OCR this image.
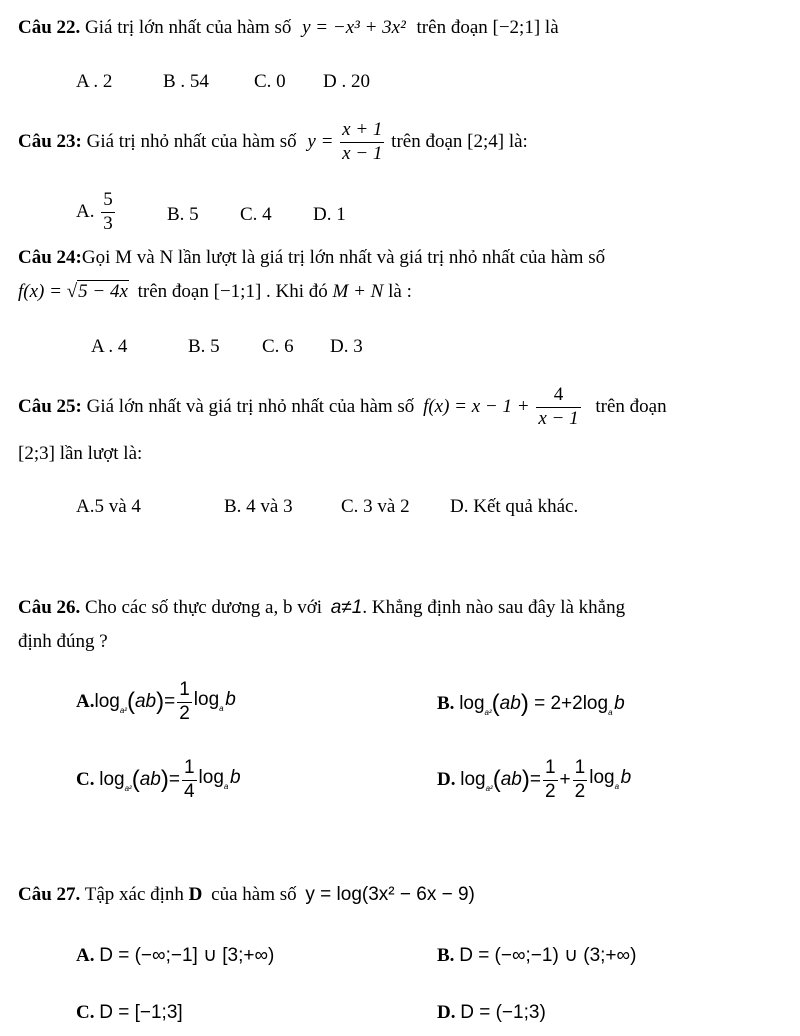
Câu 22. Giá trị lớn nhất của hàm số y = −x³ + 3x² trên đoạn [−2;1] là
A . 2	B . 54 C. 0 D . 20
Câu 23: Giá trị nhỏ nhất của hàm số $y = \frac{x + 1}{x - 1}$ trên đoạn [2;4] là:
A. $\frac{5}{3}$	B. 5 C. 4 D. 1
Câu 24:Gọi M và N lần lượt là giá trị lớn nhất và giá trị nhỏ nhất của hàm số
f(x) = √5 − 4x trên đoạn [−1;1] . Khi đó M + N là :
A . 4	B. 5 C. 6 D. 3
Câu 25: Giá lớn nhất và giá trị nhỏ nhất của hàm số $f(x) = x - 1 + \frac{4}{x - 1}$ trên đoạn
[2;3] lần lượt là:
A.5 và 4	B. 4 và 3	C. 3 và 2 D. Kết quả khác.
Câu 26. Cho các số thực dương a, b với a≠1. Khẳng định nào sau đây là khẳng
định đúng ?
$A.\log_{a^2}(ab)= \frac{1}{2} \log_a$ b	B. $\log_{a^2}(ab) = 2+2\log_a$ b
C. $\log_{a^2}(ab)= \frac{1}{4} \log_a$ b	D. $\log_{a^2}(ab)= \frac{1}{2} + \frac{1}{2} \log_a$ b
Câu 27. Tập xác định D của hàm số y = log(3x² − 6x − 9)
A. D = (−∞;−1] ∪ [3;+∞)	B. D = (−∞;−1) ∪ (3;+∞)
C. D = [−1;3]	D. D = (−1;3)
